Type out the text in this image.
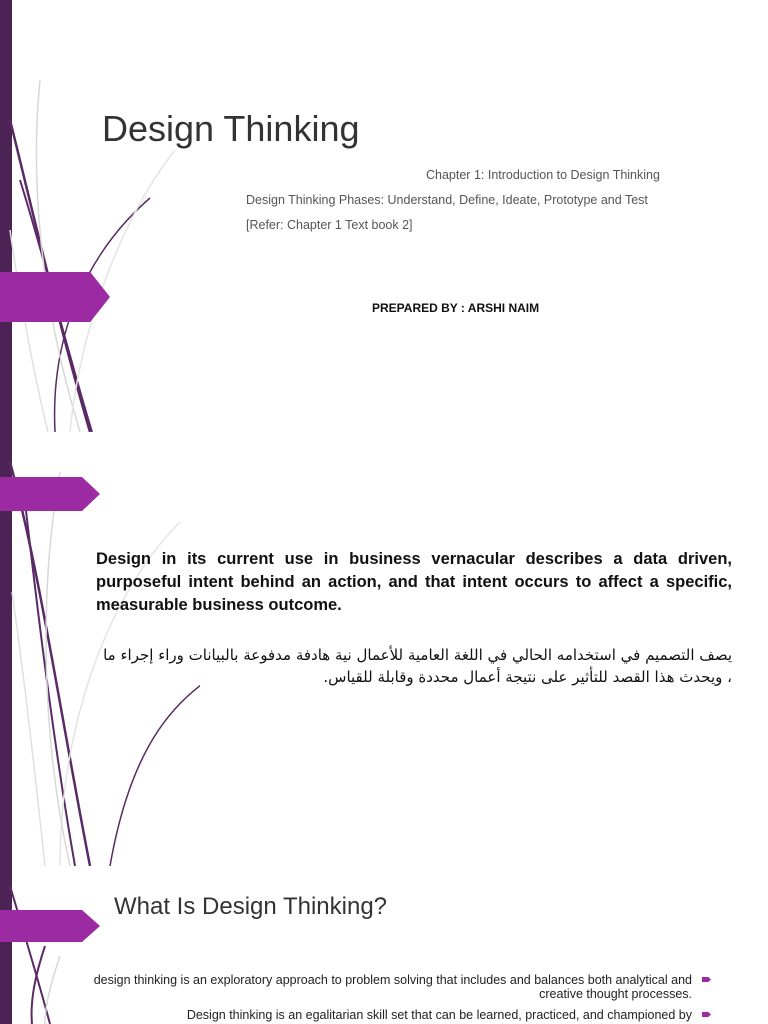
Design Thinking
Chapter 1: Introduction to Design Thinking
Design Thinking Phases: Understand, Define, Ideate, Prototype and Test
[Refer: Chapter 1 Text book 2]
PREPARED BY : ARSHI NAIM
Design in its current use in business vernacular describes a data driven, purposeful intent behind an action, and that intent occurs to affect a specific, measurable business outcome.
يصف التصميم في استخدامه الحالي في اللغة العامية للأعمال نية هادفة مدفوعة بالبيانات وراء إجراء ما ، ويحدث هذا القصد للتأثير على نتيجة أعمال محددة وقابلة للقياس.
What Is Design Thinking?
design thinking is an exploratory approach to problem solving that includes and balances both analytical and creative thought processes.
Design thinking is an egalitarian skill set that can be learned, practiced, and championed by
